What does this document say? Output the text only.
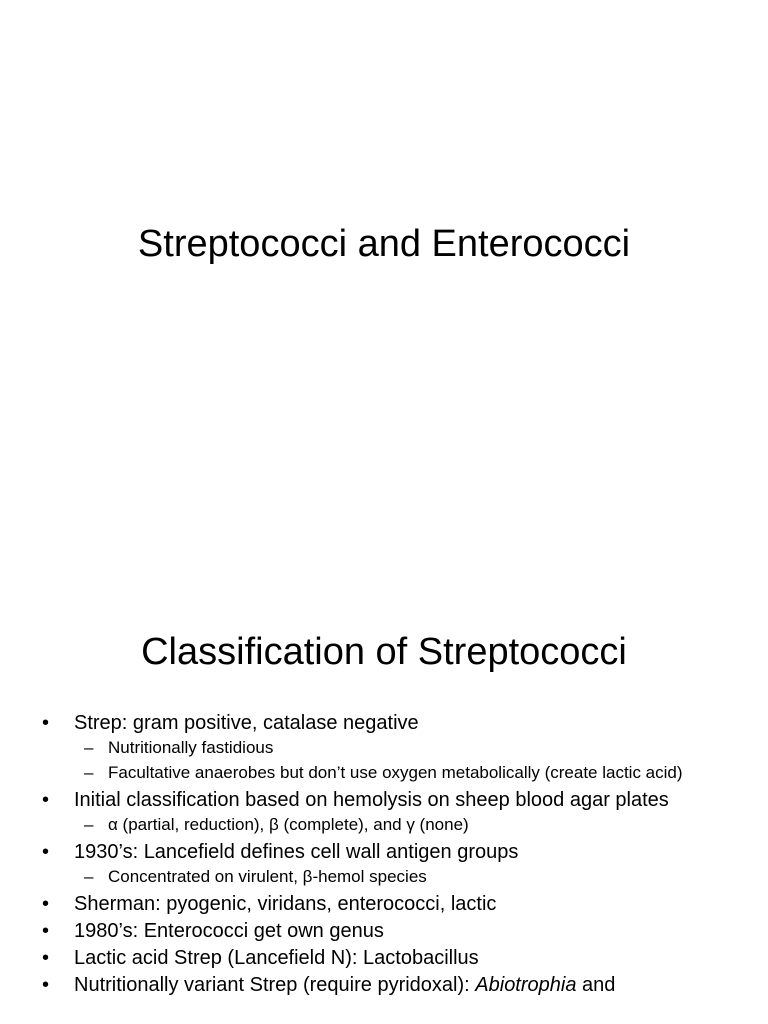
Streptococci and Enterococci
Classification of Streptococci
• Strep: gram positive, catalase negative
– Nutritionally fastidious
– Facultative anaerobes but don’t use oxygen metabolically (create lactic acid)
• Initial classification based on hemolysis on sheep blood agar plates
– α (partial, reduction), β (complete), and γ (none)
• 1930’s: Lancefield defines cell wall antigen groups
– Concentrated on virulent, β-hemol species
• Sherman: pyogenic, viridans, enterococci, lactic
• 1980’s: Enterococci get own genus
• Lactic acid Strep (Lancefield N): Lactobacillus
• Nutritionally variant Strep (require pyridoxal): Abiotrophia and
